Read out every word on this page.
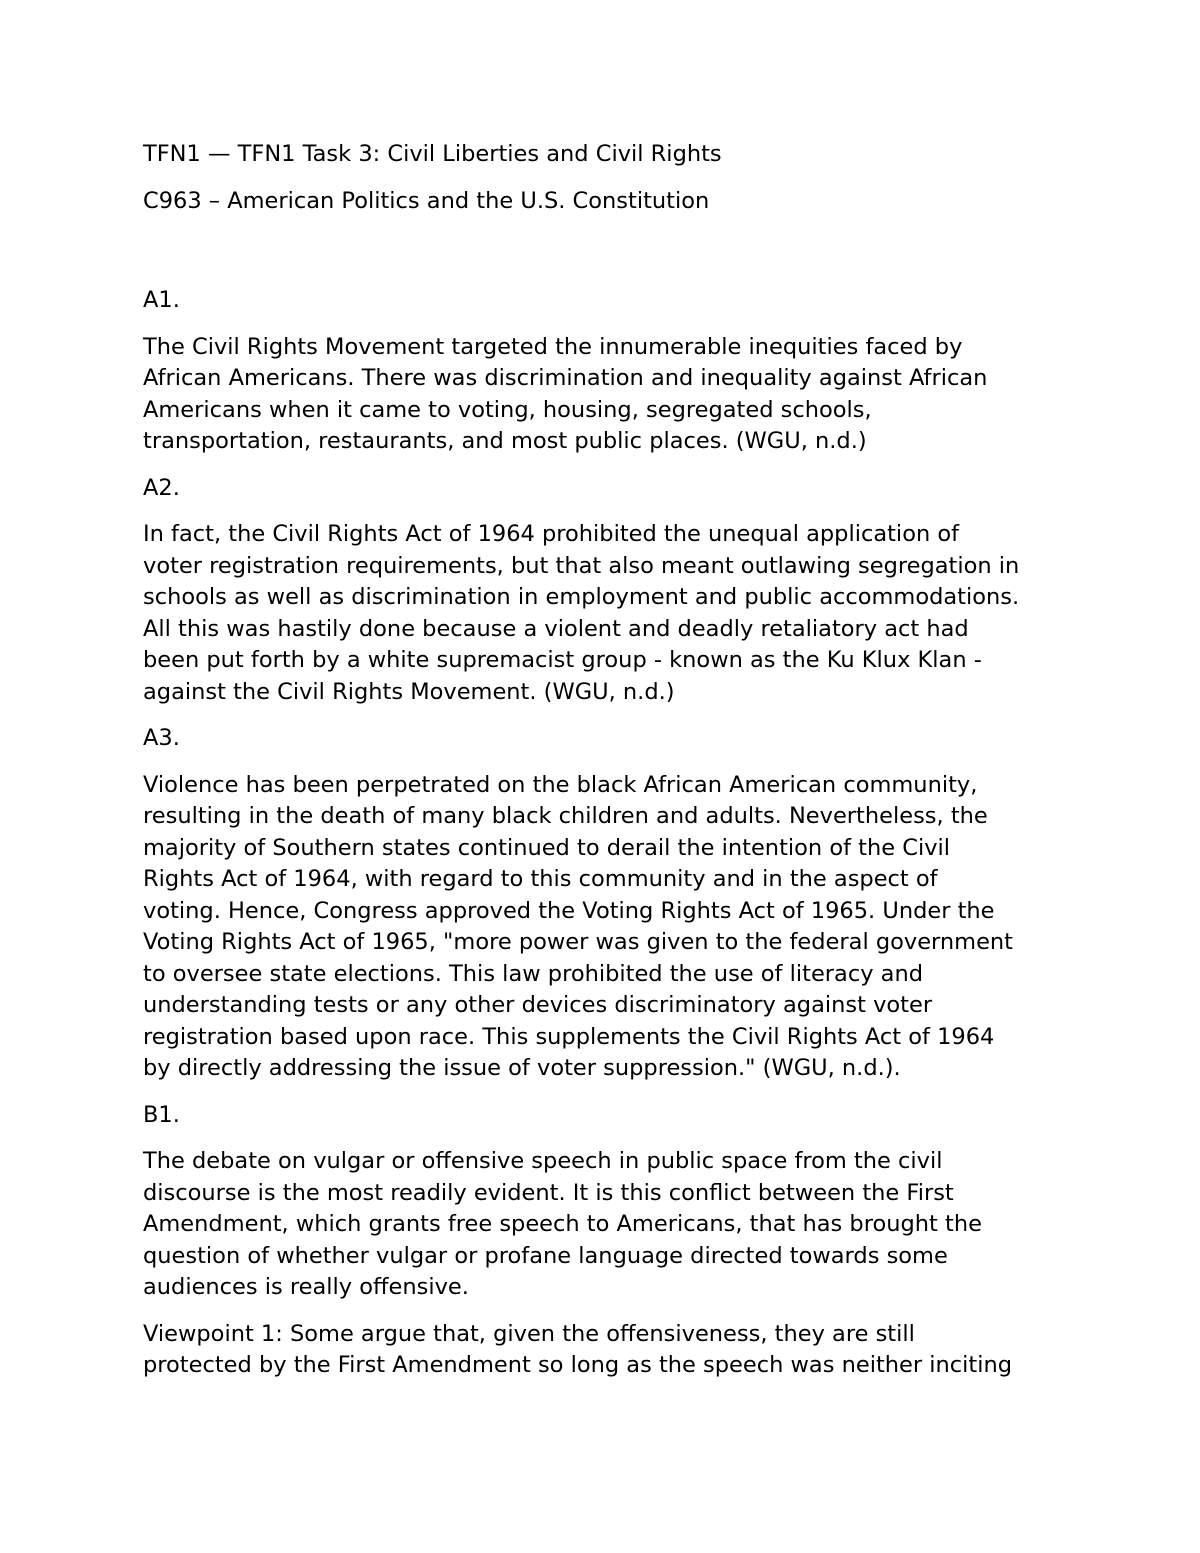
TFN1 — TFN1 Task 3: Civil Liberties and Civil Rights

C963 – American Politics and the U.S. Constitution

A1.

The Civil Rights Movement targeted the innumerable inequities faced by
African Americans. There was discrimination and inequality against African
Americans when it came to voting, housing, segregated schools,
transportation, restaurants, and most public places. (WGU, n.d.)

A2.

In fact, the Civil Rights Act of 1964 prohibited the unequal application of
voter registration requirements, but that also meant outlawing segregation in
schools as well as discrimination in employment and public accommodations.
All this was hastily done because a violent and deadly retaliatory act had
been put forth by a white supremacist group - known as the Ku Klux Klan -
against the Civil Rights Movement. (WGU, n.d.)

A3.

Violence has been perpetrated on the black African American community,
resulting in the death of many black children and adults. Nevertheless, the
majority of Southern states continued to derail the intention of the Civil
Rights Act of 1964, with regard to this community and in the aspect of
voting. Hence, Congress approved the Voting Rights Act of 1965. Under the
Voting Rights Act of 1965, "more power was given to the federal government
to oversee state elections. This law prohibited the use of literacy and
understanding tests or any other devices discriminatory against voter
registration based upon race. This supplements the Civil Rights Act of 1964
by directly addressing the issue of voter suppression." (WGU, n.d.).

B1.

The debate on vulgar or offensive speech in public space from the civil
discourse is the most readily evident. It is this conflict between the First
Amendment, which grants free speech to Americans, that has brought the
question of whether vulgar or profane language directed towards some
audiences is really offensive.

Viewpoint 1: Some argue that, given the offensiveness, they are still
protected by the First Amendment so long as the speech was neither inciting
